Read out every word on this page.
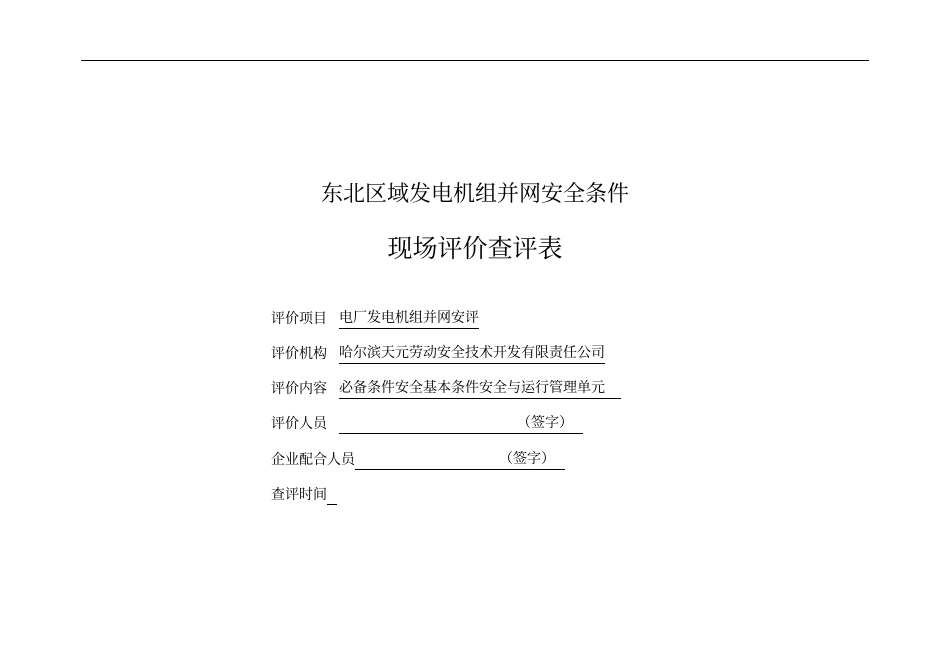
东北区域发电机组并网安全条件
现场评价查评表
评价项目 电厂发电机组并网安评
评价机构 哈尔滨天元劳动安全技术开发有限责任公司
评价内容 必备条件安全基本条件安全与运行管理单元
评价人员	（签字）
企业配合人员	（签字）
查评时间
